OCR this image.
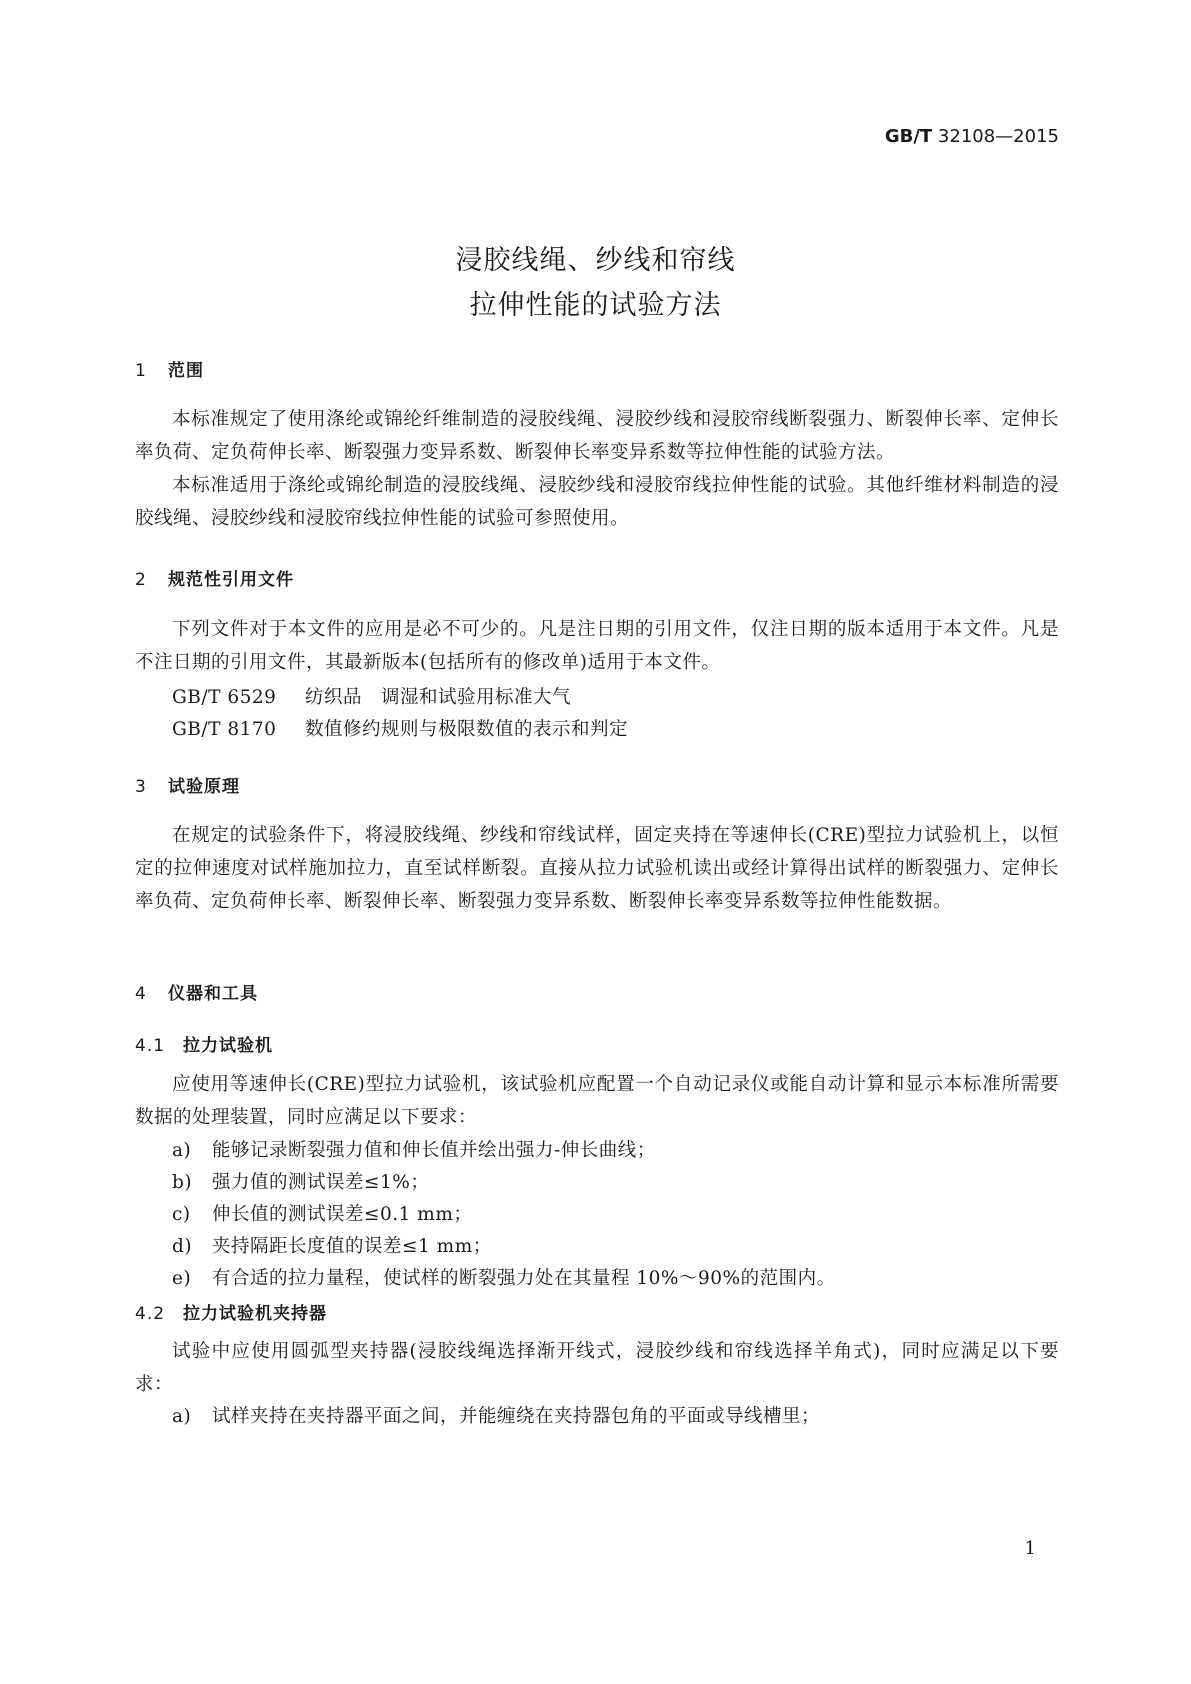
GB/T 32108—2015
浸胶线绳、纱线和帘线
拉伸性能的试验方法
1 范围
本标准规定了使用涤纶或锦纶纤维制造的浸胶线绳、浸胶纱线和浸胶帘线断裂强力、断裂伸长率、定伸长率负荷、定负荷伸长率、断裂强力变异系数、断裂伸长率变异系数等拉伸性能的试验方法。
本标准适用于涤纶或锦纶制造的浸胶线绳、浸胶纱线和浸胶帘线拉伸性能的试验。其他纤维材料制造的浸胶线绳、浸胶纱线和浸胶帘线拉伸性能的试验可参照使用。
2 规范性引用文件
下列文件对于本文件的应用是必不可少的。凡是注日期的引用文件，仅注日期的版本适用于本文件。凡是不注日期的引用文件，其最新版本(包括所有的修改单)适用于本文件。
GB/T 6529 纺织品　调湿和试验用标准大气
GB/T 8170 数值修约规则与极限数值的表示和判定
3 试验原理
在规定的试验条件下，将浸胶线绳、纱线和帘线试样，固定夹持在等速伸长(CRE)型拉力试验机上，以恒定的拉伸速度对试样施加拉力，直至试样断裂。直接从拉力试验机读出或经计算得出试样的断裂强力、定伸长率负荷、定负荷伸长率、断裂伸长率、断裂强力变异系数、断裂伸长率变异系数等拉伸性能数据。
4 仪器和工具
4.1 拉力试验机
应使用等速伸长(CRE)型拉力试验机，该试验机应配置一个自动记录仪或能自动计算和显示本标准所需要数据的处理装置，同时应满足以下要求：
a) 能够记录断裂强力值和伸长值并绘出强力-伸长曲线；
b) 强力值的测试误差≤1%；
c) 伸长值的测试误差≤0.1 mm；
d) 夹持隔距长度值的误差≤1 mm；
e) 有合适的拉力量程，使试样的断裂强力处在其量程 10%～90%的范围内。
4.2 拉力试验机夹持器
试验中应使用圆弧型夹持器(浸胶线绳选择渐开线式，浸胶纱线和帘线选择羊角式)，同时应满足以下要求：
a) 试样夹持在夹持器平面之间，并能缠绕在夹持器包角的平面或导线槽里；
1
